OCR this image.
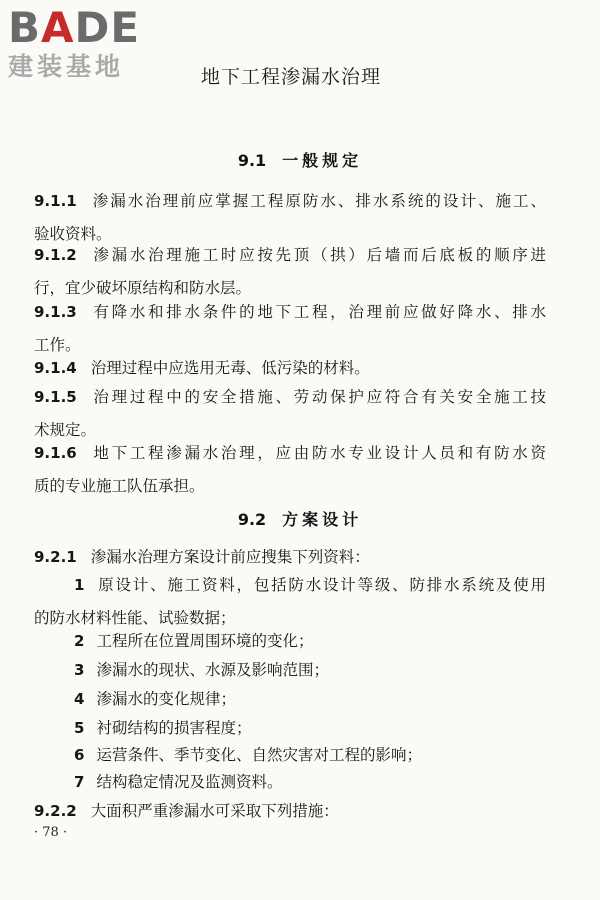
BADE
建装基地	地下工程渗漏水治理
9.1 一般规定
9.1.1 渗漏水治理前应掌握工程原防水、排水系统的设计、施工、
验收资料。
9.1.2 渗漏水治理施工时应按先顶（拱）后墙而后底板的顺序进
行，宜少破坏原结构和防水层。
9.1.3 有降水和排水条件的地下工程，治理前应做好降水、排水
工作。
9.1.4 治理过程中应选用无毒、低污染的材料。
9.1.5 治理过程中的安全措施、劳动保护应符合有关安全施工技
术规定。
9.1.6 地下工程渗漏水治理，应由防水专业设计人员和有防水资
质的专业施工队伍承担。
9.2 方案设计
9.2.1 渗漏水治理方案设计前应搜集下列资料：
1 原设计、施工资料，包括防水设计等级、防排水系统及使用
的防水材料性能、试验数据；
2 工程所在位置周围环境的变化；
3 渗漏水的现状、水源及影响范围；
4 渗漏水的变化规律；
5 衬砌结构的损害程度；
6 运营条件、季节变化、自然灾害对工程的影响；
7 结构稳定情况及监测资料。
9.2.2 大面积严重渗漏水可采取下列措施：
· 78 ·
